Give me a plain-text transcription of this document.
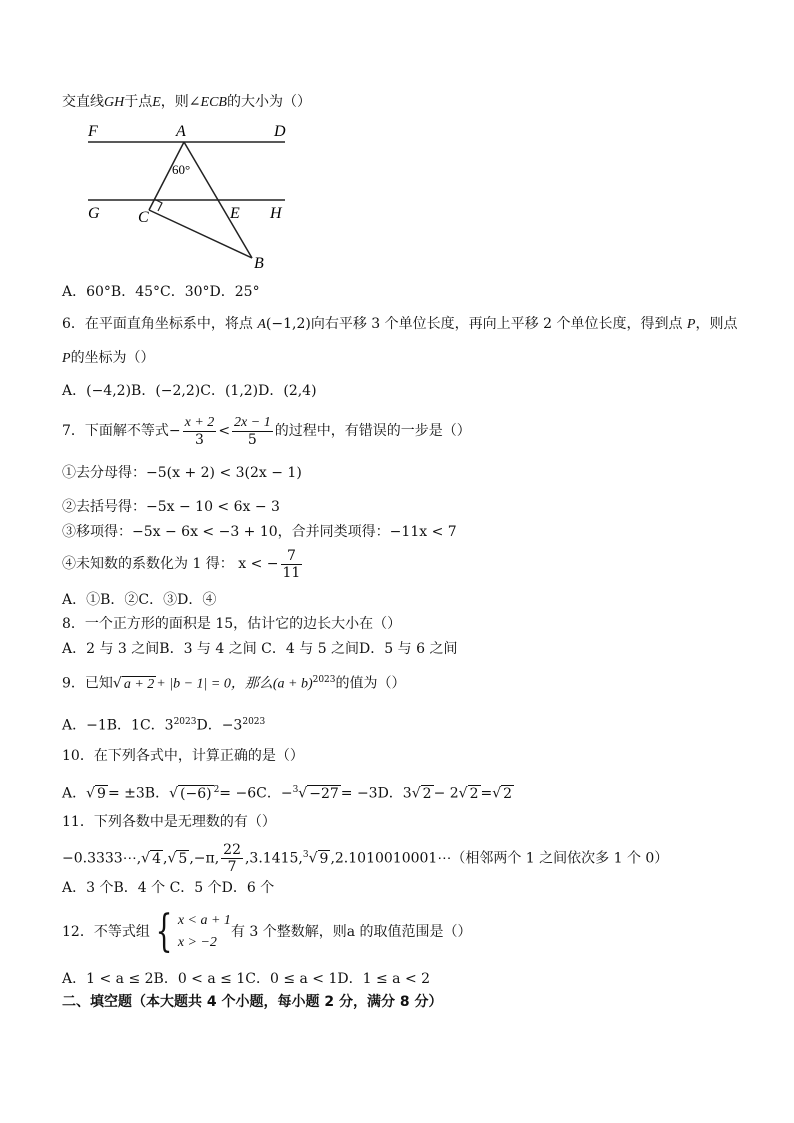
交直线GH于点E，则∠ECB的大小为（）
F	A	D
60°
G C	E H
B
A．60°B．45°C．30°D．25°
6．在平面直角坐标系中，将点 A(−1,2)向右平移 3 个单位长度，再向上平移 2 个单位长度，得到点 P，则点
P的坐标为（）
A．(−4,2)B．(−2,2)C．(1,2)D．(2,4)
7．下面解不等式− $\frac{x + 2}{3} < \frac{2x - 1}{5}$ 的过程中，有错误的一步是（）
①去分母得：−5(x + 2) < 3(2x − 1)
②去括号得：−5x − 10 < 6x − 3
③移项得：−5x − 6x < −3 + 10，合并同类项得：−11x < 7
④未知数的系数化为 1 得： x < − $\frac{7}{11}$
A．①B．②C．③D．④
8．一个正方形的面积是 15，估计它的边长大小在（）
A．2 与 3 之间B．3 与 4 之间 C．4 与 5 之间D．5 与 6 之间
9．已知√ a + 2 + |b − 1| = 0，那么$(a + b)^{2023}$的值为（）
A．−1B．1C．$3^{2023}D$．$-3^{2023}$
10．在下列各式中，计算正确的是（）
A．√ 9 = ±3B．√ (−6) $^2$= −6C．−$^3$√ −27 = −3D．3√ 2 − 2√ 2 =√ 2
11．下列各数中是无理数的有（）
−0.3333⋯,√ 4 ,√ 5 ,−π, $\frac{22}{7} ,3.1415,^3√$ 9 ,2.1010010001⋯（相邻两个 1 之间依次多 1 个 0）
A．3 个B．4 个 C．5 个D．6 个
12．不等式组 { x < a + 1
x > −2
有 3 个整数解，则a 的取值范围是（）
A．1 < a ≤ 2B．0 < a ≤ 1C．0 ≤ a < 1D．1 ≤ a < 2
二、填空题（本大题共 4 个小题，每小题 2 分，满分 8 分）
